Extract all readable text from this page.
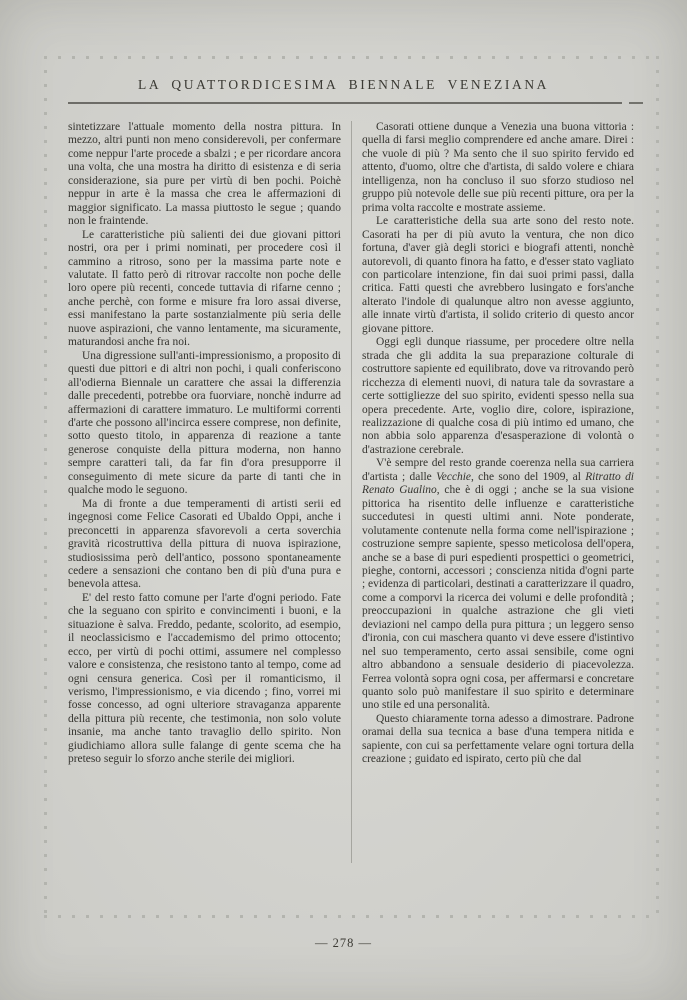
LA QUATTORDICESIMA BIENNALE VENEZIANA

sintetizzare l'attuale momento della nostra pittura. In mezzo, altri punti non meno considerevoli, per confermare come neppur l'arte procede a sbalzi ; e per ricordare ancora una volta, che una mostra ha diritto di esistenza e di seria considerazione, sia pure per virtù di ben pochi. Poichè neppur in arte è la massa che crea le affermazioni di maggior significato. La massa piuttosto le segue ; quando non le fraintende.

Le caratteristiche più salienti dei due giovani pittori nostri, ora per i primi nominati, per procedere così il cammino a ritroso, sono per la massima parte note e valutate. Il fatto però di ritrovar raccolte non poche delle loro opere più recenti, concede tuttavia di rifarne cenno ; anche perchè, con forme e misure fra loro assai diverse, essi manifestano la parte sostanzialmente più seria delle nuove aspirazioni, che vanno lentamente, ma sicuramente, maturandosi anche fra noi.

Una digressione sull'anti-impressionismo, a proposito di questi due pittori e di altri non pochi, i quali conferiscono all'odierna Biennale un carattere che assai la differenzia dalle precedenti, potrebbe ora fuorviare, nonchè indurre ad affermazioni di carattere immaturo. Le multiformi correnti d'arte che possono all'incirca essere comprese, non definite, sotto questo titolo, in apparenza di reazione a tante generose conquiste della pittura moderna, non hanno sempre caratteri tali, da far fin d'ora presupporre il conseguimento di mete sicure da parte di tanti che in qualche modo le seguono.

Ma di fronte a due temperamenti di artisti serii ed ingegnosi come Felice Casorati ed Ubaldo Oppi, anche i preconcetti in apparenza sfavorevoli a certa soverchia gravità ricostruttiva della pittura di nuova ispirazione, studiosissima però dell'antico, possono spontaneamente cedere a sensazioni che contano ben di più d'una pura e benevola attesa.

E' del resto fatto comune per l'arte d'ogni periodo. Fate che la seguano con spirito e convincimenti i buoni, e la situazione è salva. Freddo, pedante, scolorito, ad esempio, il neoclassicismo e l'accademismo del primo ottocento; ecco, per virtù di pochi ottimi, assumere nel complesso valore e consistenza, che resistono tanto al tempo, come ad ogni censura generica. Così per il romanticismo, il verismo, l'impressionismo, e via dicendo ; fino, vorrei mi fosse concesso, ad ogni ulteriore stravaganza apparente della pittura più recente, che testimonia, non solo volute insanie, ma anche tanto travaglio dello spirito. Non giudichiamo allora sulle falange di gente scema che ha preteso seguir lo sforzo anche sterile dei migliori.

Casorati ottiene dunque a Venezia una buona vittoria : quella di farsi meglio comprendere ed anche amare. Direi : che vuole di più ? Ma sento che il suo spirito fervido ed attento, d'uomo, oltre che d'artista, di saldo volere e chiara intelligenza, non ha concluso il suo sforzo studioso nel gruppo più notevole delle sue più recenti pitture, ora per la prima volta raccolte e mostrate assieme.

Le caratteristiche della sua arte sono del resto note. Casorati ha per di più avuto la ventura, che non dico fortuna, d'aver già degli storici e biografi attenti, nonchè autorevoli, di quanto finora ha fatto, e d'esser stato vagliato con particolare intenzione, fin dai suoi primi passi, dalla critica. Fatti questi che avrebbero lusingato e fors'anche alterato l'indole di qualunque altro non avesse aggiunto, alle innate virtù d'artista, il solido criterio di questo ancor giovane pittore.

Oggi egli dunque riassume, per procedere oltre nella strada che gli addita la sua preparazione colturale di costruttore sapiente ed equilibrato, dove va ritrovando però ricchezza di elementi nuovi, di natura tale da sovrastare a certe sottigliezze del suo spirito, evidenti spesso nella sua opera precedente. Arte, voglio dire, colore, ispirazione, realizzazione di qualche cosa di più intimo ed umano, che non abbia solo apparenza d'esasperazione di volontà o d'astrazione cerebrale.

V'è sempre del resto grande coerenza nella sua carriera d'artista ; dalle Vecchie, che sono del 1909, al Ritratto di Renato Gualino, che è di oggi ; anche se la sua visione pittorica ha risentito delle influenze e caratteristiche succedutesi in questi ultimi anni. Note ponderate, volutamente contenute nella forma come nell'ispirazione ; costruzione sempre sapiente, spesso meticolosa dell'opera, anche se a base di puri espedienti prospettici o geometrici, pieghe, contorni, accessori ; conscienza nitida d'ogni parte ; evidenza di particolari, destinati a caratterizzare il quadro, come a comporvi la ricerca dei volumi e delle profondità ; preoccupazioni in qualche astrazione che gli vieti deviazioni nel campo della pura pittura ; un leggero senso d'ironia, con cui maschera quanto vi deve essere d'istintivo nel suo temperamento, certo assai sensibile, come ogni altro abbandono a sensuale desiderio di piacevolezza. Ferrea volontà sopra ogni cosa, per affermarsi e concretare quanto solo può manifestare il suo spirito e determinare uno stile ed una personalità.

Questo chiaramente torna adesso a dimostrare. Padrone oramai della sua tecnica a base d'una tempera nitida e sapiente, con cui sa perfettamente velare ogni tortura della creazione ; guidato ed ispirato, certo più che dal

— 278 —
